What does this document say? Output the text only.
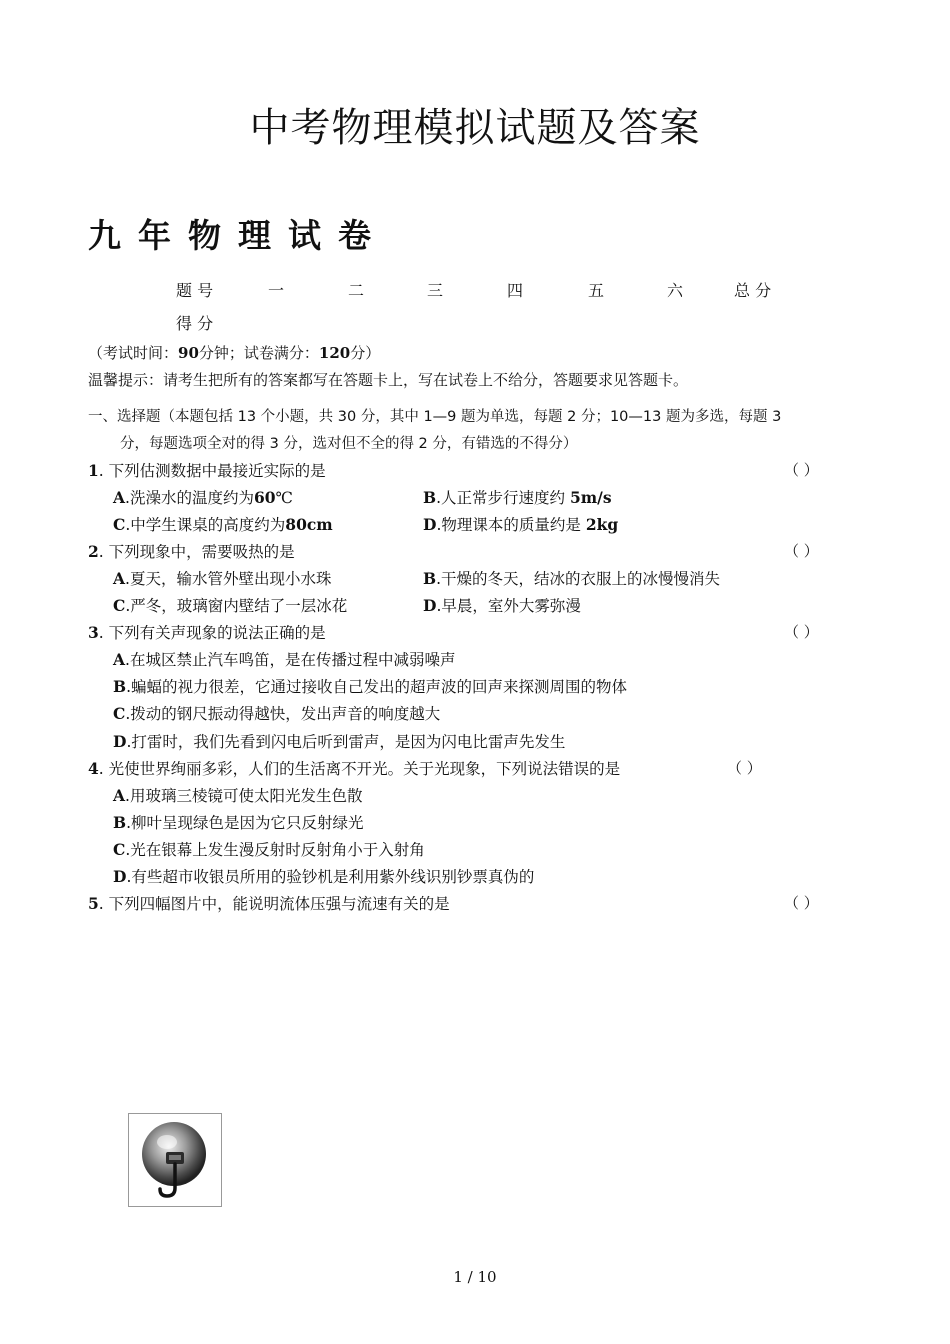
中考物理模拟试题及答案
九年物理试卷
题 号	一	二	三	四	五	六	总 分
得 分
（考试时间：90分钟；试卷满分：120分）
温馨提示：请考生把所有的答案都写在答题卡上，写在试卷上不给分，答题要求见答题卡。
一、选择题（本题包括 13 个小题，共 30 分，其中 1—9 题为单选，每题 2 分；10—13 题为多选，每题 3
分，每题选项全对的得 3 分，选对但不全的得 2 分，有错选的不得分）
1. 下列估测数据中最接近实际的是	（ ）
A.洗澡水的温度约为60℃	B.人正常步行速度约 5m/s
C.中学生课桌的高度约为80cm	D.物理课本的质量约是 2kg
2. 下列现象中，需要吸热的是	（ ）
A.夏天，输水管外壁出现小水珠	B.干燥的冬天，结冰的衣服上的冰慢慢消失
C.严冬，玻璃窗内壁结了一层冰花	D.早晨，室外大雾弥漫
3. 下列有关声现象的说法正确的是	（ ）
A.在城区禁止汽车鸣笛，是在传播过程中减弱噪声
B.蝙蝠的视力很差，它通过接收自己发出的超声波的回声来探测周围的物体
C.拨动的钢尺振动得越快，发出声音的响度越大
D.打雷时，我们先看到闪电后听到雷声，是因为闪电比雷声先发生
4. 光使世界绚丽多彩，人们的生活离不开光。关于光现象，下列说法错误的是	（ ）
A.用玻璃三棱镜可使太阳光发生色散
B.柳叶呈现绿色是因为它只反射绿光
C.光在银幕上发生漫反射时反射角小于入射角
D.有些超市收银员所用的验钞机是利用紫外线识别钞票真伪的
5. 下列四幅图片中，能说明流体压强与流速有关的是	（ ）
1 / 10
